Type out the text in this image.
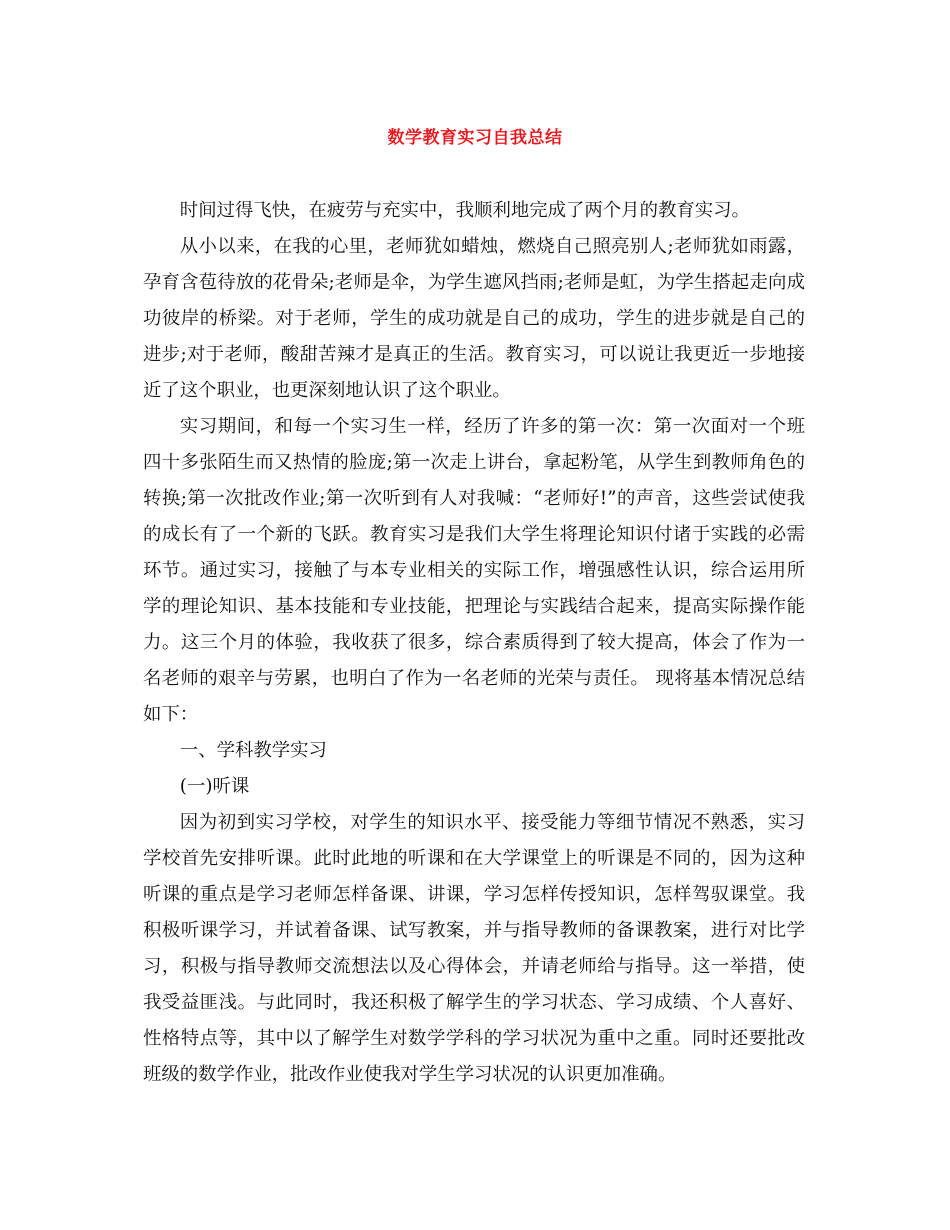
数学教育实习自我总结

时间过得飞快，在疲劳与充实中，我顺利地完成了两个月的教育实习。

从小以来，在我的心里，老师犹如蜡烛，燃烧自己照亮别人;老师犹如雨露，孕育含苞待放的花骨朵;老师是伞，为学生遮风挡雨;老师是虹，为学生搭起走向成功彼岸的桥梁。对于老师，学生的成功就是自己的成功，学生的进步就是自己的进步;对于老师，酸甜苦辣才是真正的生活。教育实习，可以说让我更近一步地接近了这个职业，也更深刻地认识了这个职业。

实习期间，和每一个实习生一样，经历了许多的第一次：第一次面对一个班四十多张陌生而又热情的脸庞;第一次走上讲台，拿起粉笔，从学生到教师角色的转换;第一次批改作业;第一次听到有人对我喊：“老师好!”的声音，这些尝试使我的成长有了一个新的飞跃。教育实习是我们大学生将理论知识付诸于实践的必需环节。通过实习，接触了与本专业相关的实际工作，增强感性认识，综合运用所学的理论知识、基本技能和专业技能，把理论与实践结合起来，提高实际操作能力。这三个月的体验，我收获了很多，综合素质得到了较大提高，体会了作为一名老师的艰辛与劳累，也明白了作为一名老师的光荣与责任。 现将基本情况总结如下：

一、学科教学实习

(一)听课

因为初到实习学校，对学生的知识水平、接受能力等细节情况不熟悉，实习学校首先安排听课。此时此地的听课和在大学课堂上的听课是不同的，因为这种听课的重点是学习老师怎样备课、讲课，学习怎样传授知识，怎样驾驭课堂。我积极听课学习，并试着备课、试写教案，并与指导教师的备课教案，进行对比学习，积极与指导教师交流想法以及心得体会，并请老师给与指导。这一举措，使我受益匪浅。与此同时，我还积极了解学生的学习状态、学习成绩、个人喜好、性格特点等，其中以了解学生对数学学科的学习状况为重中之重。同时还要批改班级的数学作业，批改作业使我对学生学习状况的认识更加准确。
